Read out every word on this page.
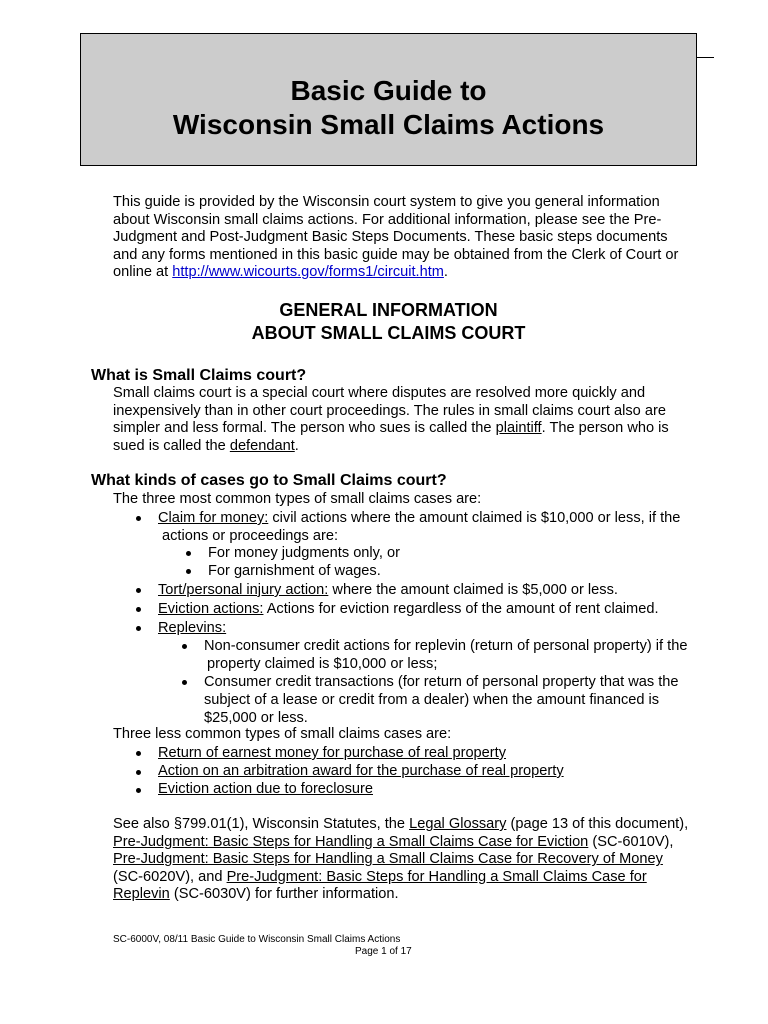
Basic Guide to
Wisconsin Small Claims Actions
This guide is provided by the Wisconsin court system to give you general information
about Wisconsin small claims actions. For additional information, please see the Pre-
Judgment and Post-Judgment Basic Steps Documents. These basic steps documents
and any forms mentioned in this basic guide may be obtained from the Clerk of Court or
online at http://www.wicourts.gov/forms1/circuit.htm.
GENERAL INFORMATION
ABOUT SMALL CLAIMS COURT
What is Small Claims court?
Small claims court is a special court where disputes are resolved more quickly and
inexpensively than in other court proceedings. The rules in small claims court also are
simpler and less formal. The person who sues is called the plaintiff. The person who is
sued is called the defendant.
What kinds of cases go to Small Claims court?
The three most common types of small claims cases are:
Claim for money: civil actions where the amount claimed is $10,000 or less, if the
actions or proceedings are:
For money judgments only, or
For garnishment of wages.
Tort/personal injury action: where the amount claimed is $5,000 or less.
Eviction actions: Actions for eviction regardless of the amount of rent claimed.
Replevins:
Non-consumer credit actions for replevin (return of personal property) if the
property claimed is $10,000 or less;
Consumer credit transactions (for return of personal property that was the
subject of a lease or credit from a dealer) when the amount financed is
$25,000 or less.
Three less common types of small claims cases are:
Return of earnest money for purchase of real property
Action on an arbitration award for the purchase of real property
Eviction action due to foreclosure
See also §799.01(1), Wisconsin Statutes, the Legal Glossary (page 13 of this document),
Pre-Judgment: Basic Steps for Handling a Small Claims Case for Eviction (SC-6010V),
Pre-Judgment: Basic Steps for Handling a Small Claims Case for Recovery of Money
(SC-6020V), and Pre-Judgment: Basic Steps for Handling a Small Claims Case for
Replevin (SC-6030V) for further information.
SC-6000V, 08/11 Basic Guide to Wisconsin Small Claims Actions
Page 1 of 17
